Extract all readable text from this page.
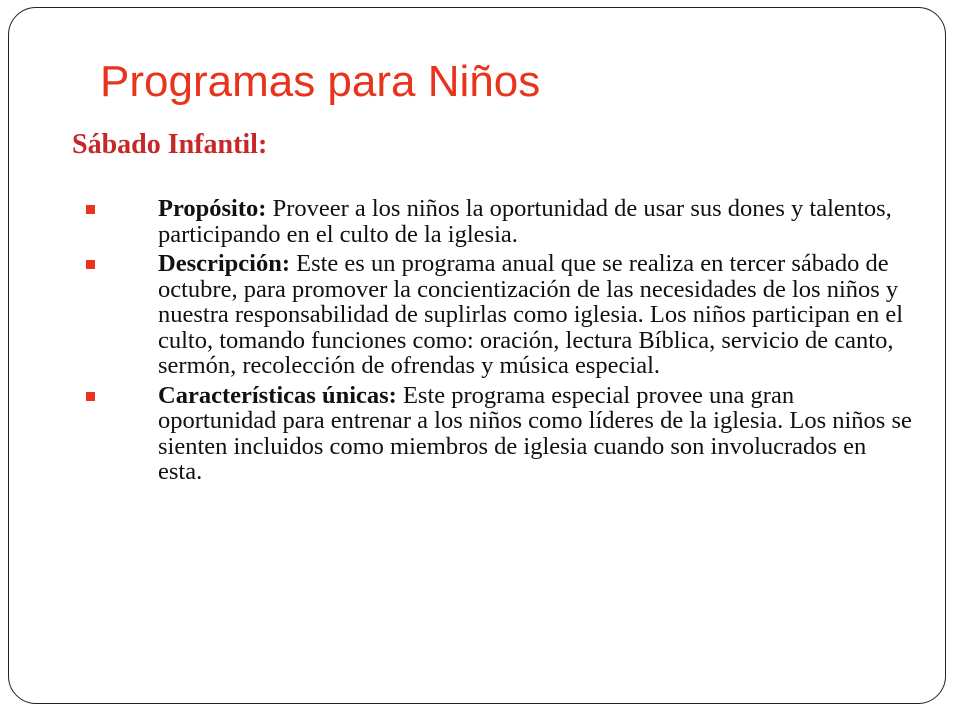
Programas para Niños
Sábado Infantil:
Propósito: Proveer a los niños la oportunidad de usar sus dones y talentos, participando en el culto de la iglesia.
Descripción: Este es un programa anual que se realiza en tercer sábado de octubre, para promover la concientización de las necesidades de los niños y nuestra responsabilidad de suplirlas como iglesia. Los niños participan en el culto, tomando funciones como: oración, lectura Bíblica, servicio de canto, sermón, recolección de ofrendas y música especial.
Características únicas: Este programa especial provee una gran oportunidad para entrenar a los niños como líderes de la iglesia. Los niños se sienten incluidos como miembros de iglesia cuando son involucrados en esta.
